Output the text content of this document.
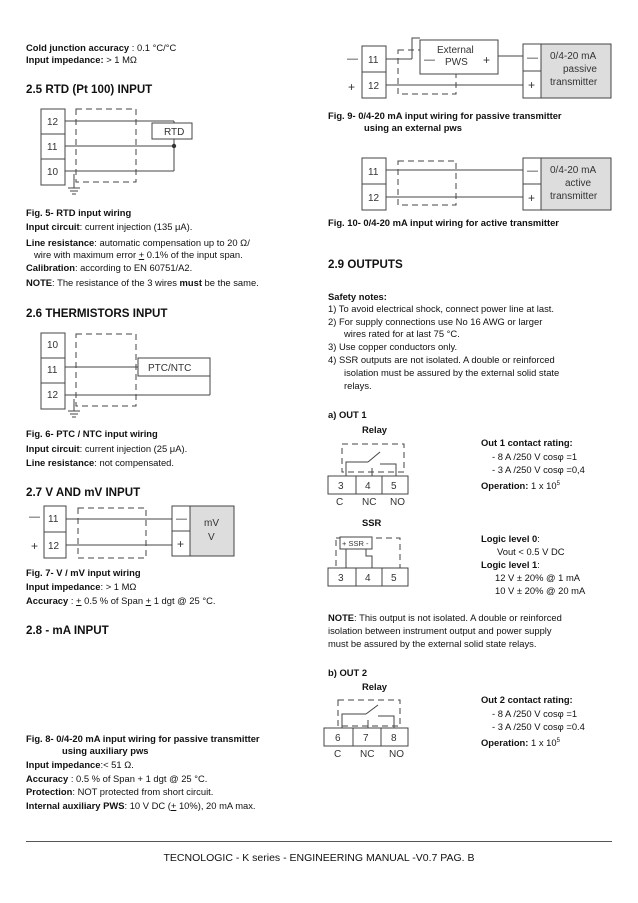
Cold junction accuracy : 0.1 °C/°C
Input impedance: > 1 MΩ
2.5 RTD (Pt 100) INPUT
12
11
10
RTD
Fig. 5- RTD input wiring
Input circuit: current injection (135 μA).
Line resistance: automatic compensation up to 20 Ω/
wire with maximum error + 0.1% of the input span.
Calibration: according to EN 60751/A2.
NOTE: The resistance of the 3 wires must be the same.
2.6 THERMISTORS INPUT
10
11
12
PTC/NTC
Fig. 6- PTC / NTC input wiring
Input circuit: current injection (25 μA).
Line resistance: not compensated.
2.7 V AND mV INPUT
—
+
11
12
—
+
mV
V
Fig. 7- V / mV input wiring
Input impedance: > 1 MΩ
Accuracy : + 0.5 % of Span + 1 dgt @ 25 °C.
2.8 - mA INPUT
Fig. 8- 0/4-20 mA input wiring for passive transmitter
using auxiliary pws
Input impedance:< 51 Ω.
Accuracy : 0.5 % of Span + 1 dgt @ 25 °C.
Protection: NOT protected from short circuit.
Internal auxiliary PWS: 10 V DC (+ 10%), 20 mA max.
—
+
11
12
—
External
PWS +	—
+
0/4-20 mA
passive
transmitter
Fig. 9- 0/4-20 mA input wiring for passive transmitter
using an external pws
11
12
—
+
0/4-20 mA
active
transmitter
Fig. 10- 0/4-20 mA input wiring for active transmitter
2.9 OUTPUTS
Safety notes:
1) To avoid electrical shock, connect power line at last.
2) For supply connections use No 16 AWG or larger
wires rated for at last 75 °C.
3) Use copper conductors only.
4) SSR outputs are not isolated. A double or reinforced
isolation must be assured by the external solid state
relays.
a) OUT 1
Relay
3 4 5
C NC NO
Out 1 contact rating:
- 8 A /250 V cosφ =1
- 3 A /250 V cosφ =0,4
Operation: 1 x $10^5$
SSR
+ SSR -
3 4 5
Logic level 0:
Vout < 0.5 V DC
Logic level 1:
12 V ± 20% @ 1 mA
10 V ± 20% @ 20 mA
NOTE: This output is not isolated. A double or reinforced
isolation between instrument output and power supply
must be assured by the external solid state relays.
b) OUT 2
Relay
6 7 8
C NC NO
Out 2 contact rating:
- 8 A /250 V cosφ =1
- 3 A /250 V cosφ =0.4
Operation: 1 x $10^5$
TECNOLOGIC - K series - ENGINEERING MANUAL -V0.7 PAG. B
